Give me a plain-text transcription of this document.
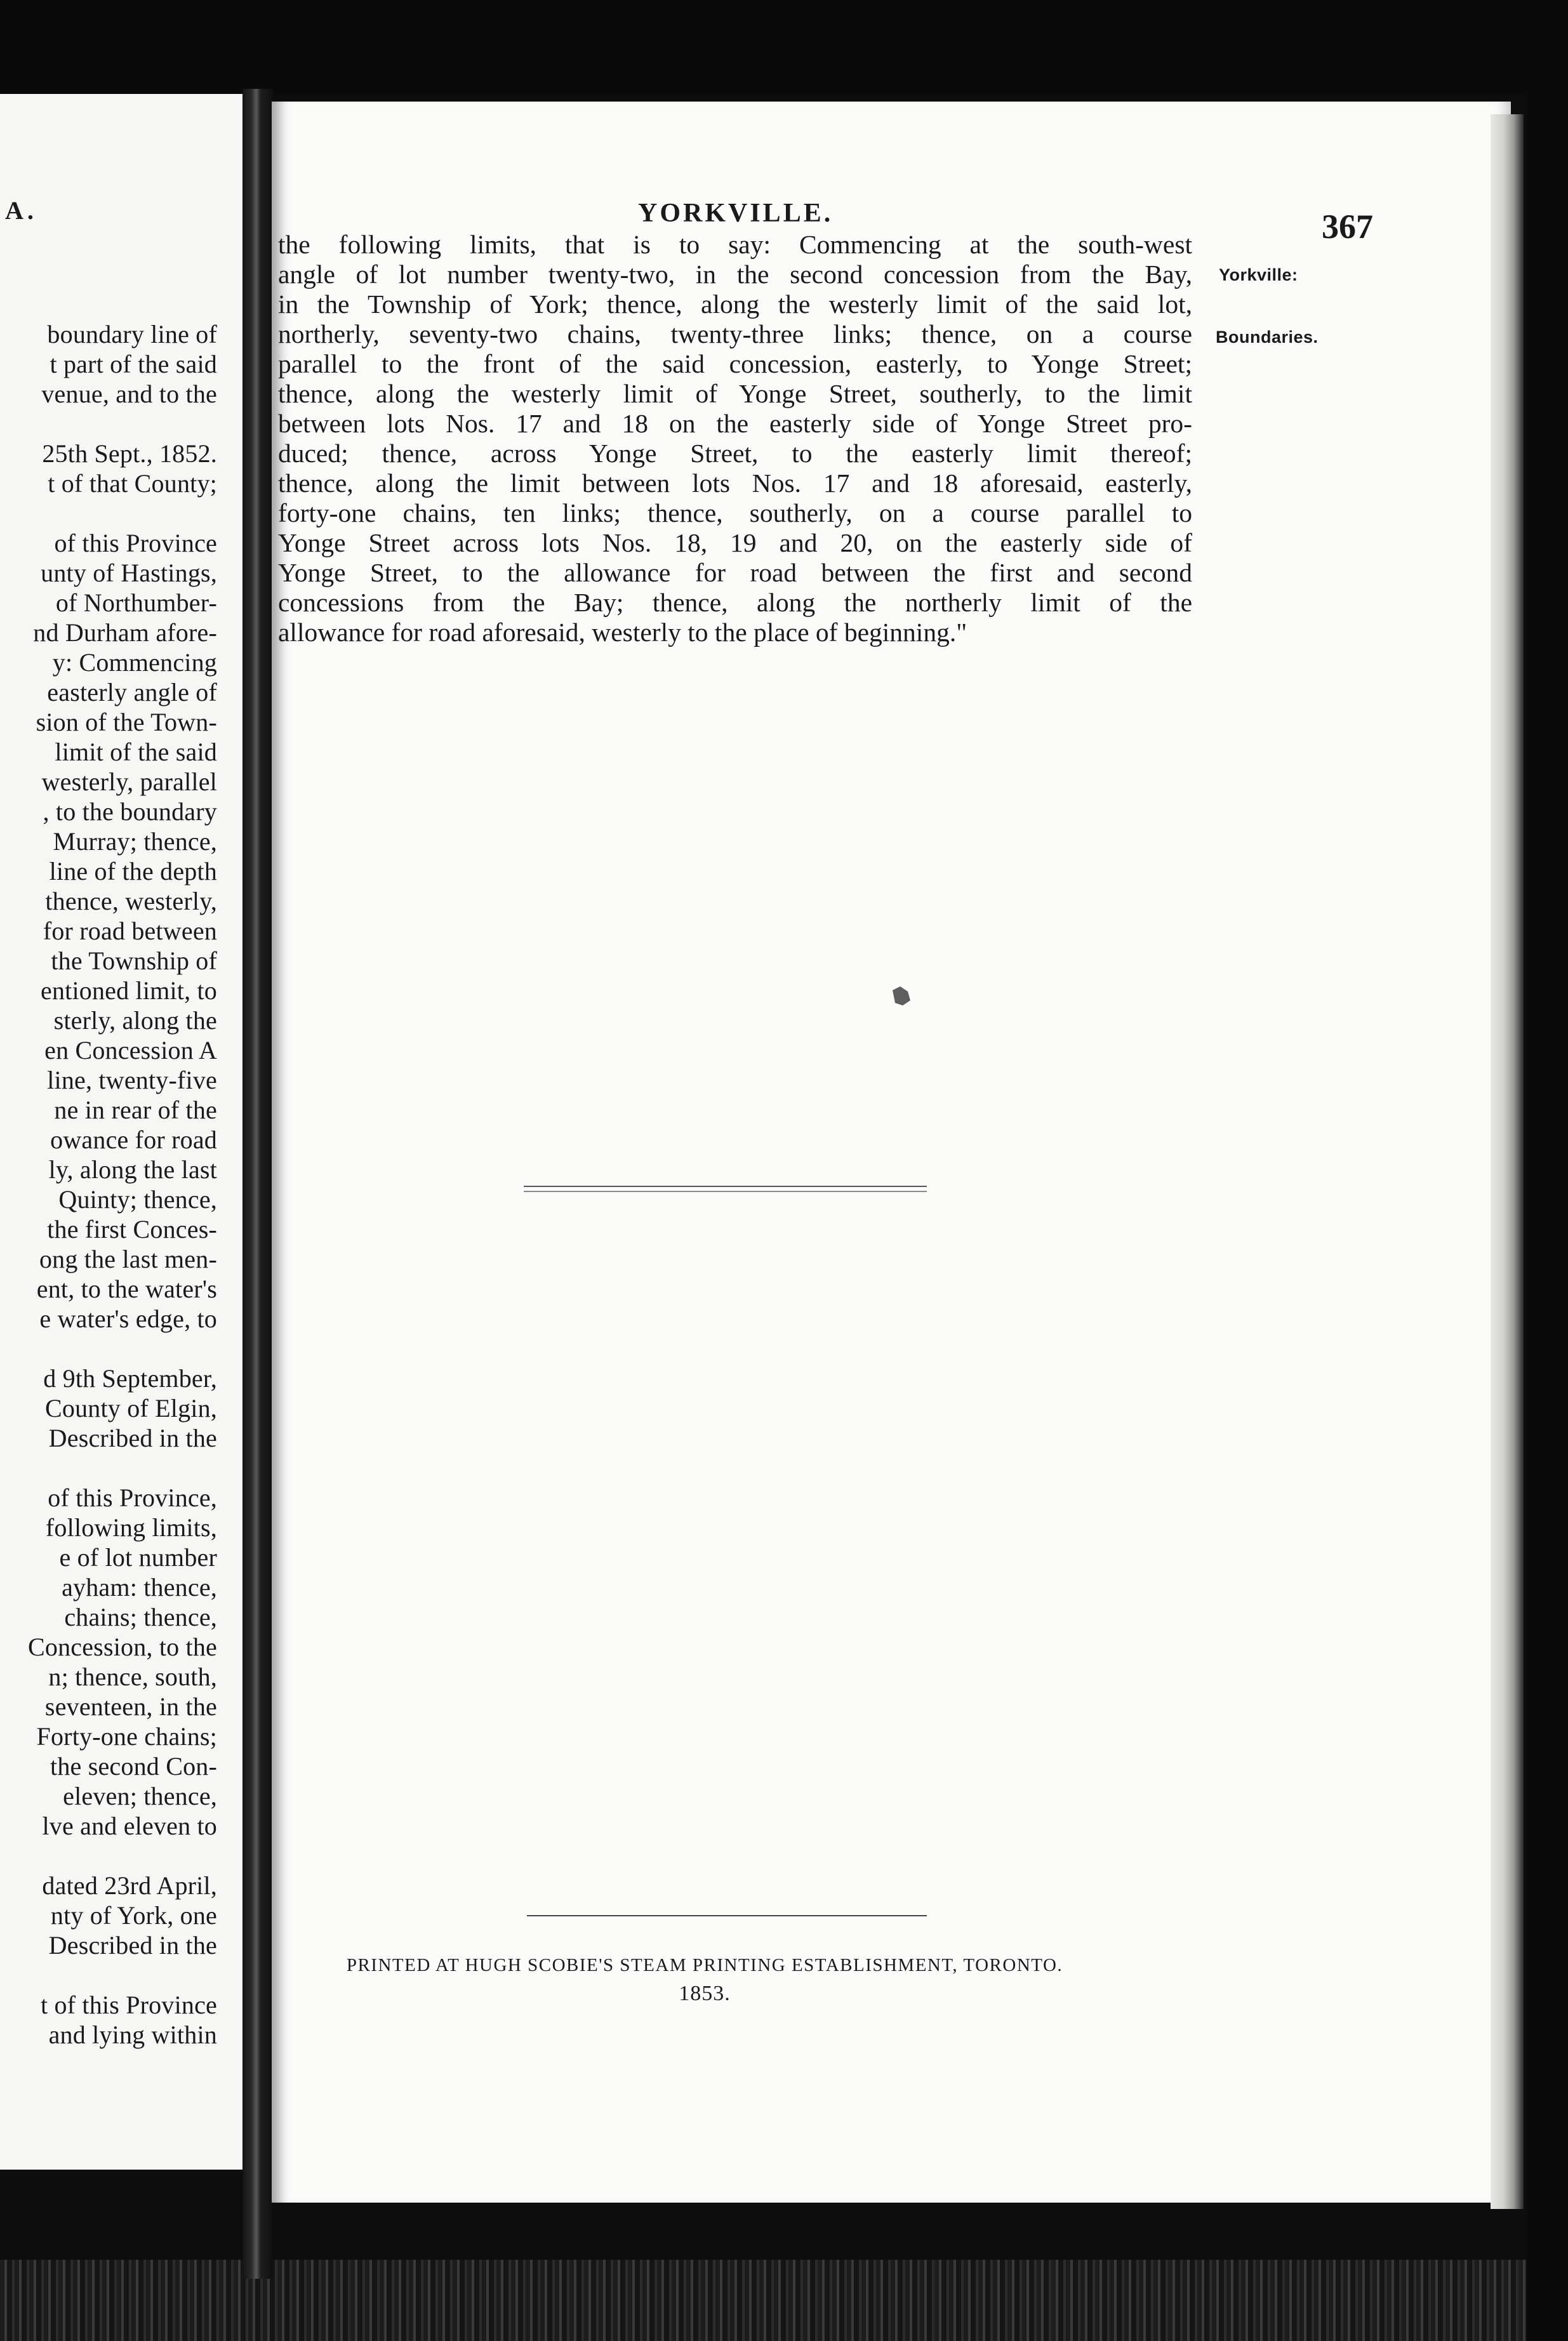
A.
boundary line of
t part of the said
venue, and to the
25th Sept., 1852.
t of that County;
of this Province
unty of Hastings,
of Northumber-
nd Durham afore-
y: Commencing
easterly angle of
sion of the Town-
limit of the said
westerly, parallel
, to the boundary
Murray; thence,
line of the depth
thence, westerly,
for road between
the Township of
entioned limit, to
sterly, along the
en Concession A
line, twenty-five
ne in rear of the
owance for road
ly, along the last
Quinty; thence,
the first Conces-
ong the last men-
ent, to the water's
e water's edge, to
d 9th September,
County of Elgin,
Described in the
of this Province,
following limits,
e of lot number
ayham: thence,
chains; thence,
Concession, to the
n; thence, south,
seventeen, in the
Forty-one chains;
the second Con-
eleven; thence,
lve and eleven to
dated 23rd April,
nty of York, one
Described in the
t of this Province
and lying within
YORKVILLE.	367
the following limits, that is to say: Commencing at the south-west
angle of lot number twenty-two, in the second concession from the Bay,
in the Township of York; thence, along the westerly limit of the said lot,
northerly, seventy-two chains, twenty-three links; thence, on a course
parallel to the front of the said concession, easterly, to Yonge Street;
thence, along the westerly limit of Yonge Street, southerly, to the limit
between lots Nos. 17 and 18 on the easterly side of Yonge Street pro-
duced; thence, across Yonge Street, to the easterly limit thereof;
thence, along the limit between lots Nos. 17 and 18 aforesaid, easterly,
forty-one chains, ten links; thence, southerly, on a course parallel to
Yonge Street across lots Nos. 18, 19 and 20, on the easterly side of
Yonge Street, to the allowance for road between the first and second
concessions from the Bay; thence, along the northerly limit of the
allowance for road aforesaid, westerly to the place of beginning."
Yorkville:
Boundaries.
PRINTED AT HUGH SCOBIE'S STEAM PRINTING ESTABLISHMENT, TORONTO.
1853.
